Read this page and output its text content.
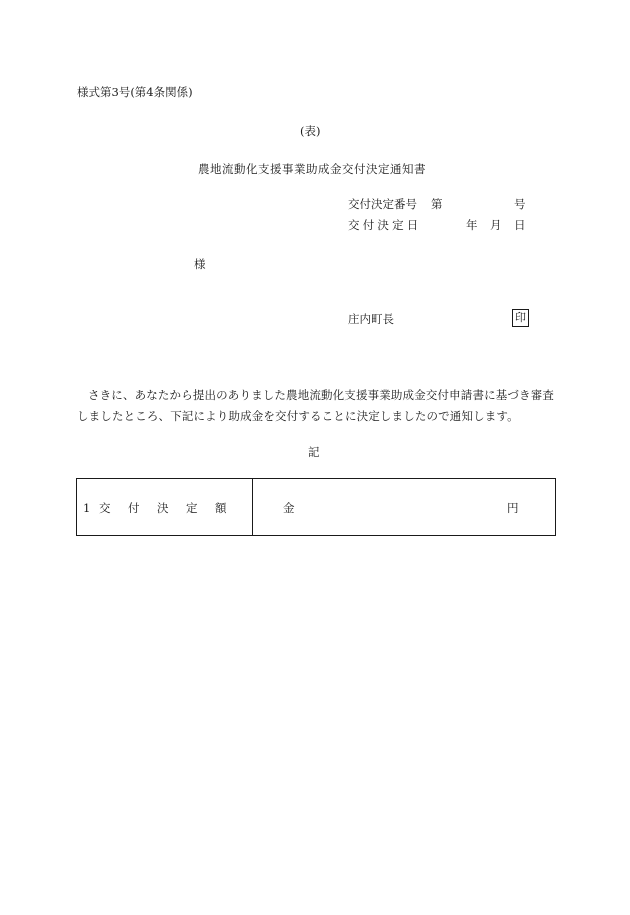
様式第3号(第4条関係)
(表)
農地流動化支援事業助成金交付決定通知書
交付決定番号 第	号
交付決定日	年 月 日
様
庄内町長	印
さきに、あなたから提出のありました農地流動化支援事業助成金交付申請書に基づき審査しましたところ、下記により助成金を交付することに決定しましたので通知します。
記
1 交 付 決 定 額	金	円
